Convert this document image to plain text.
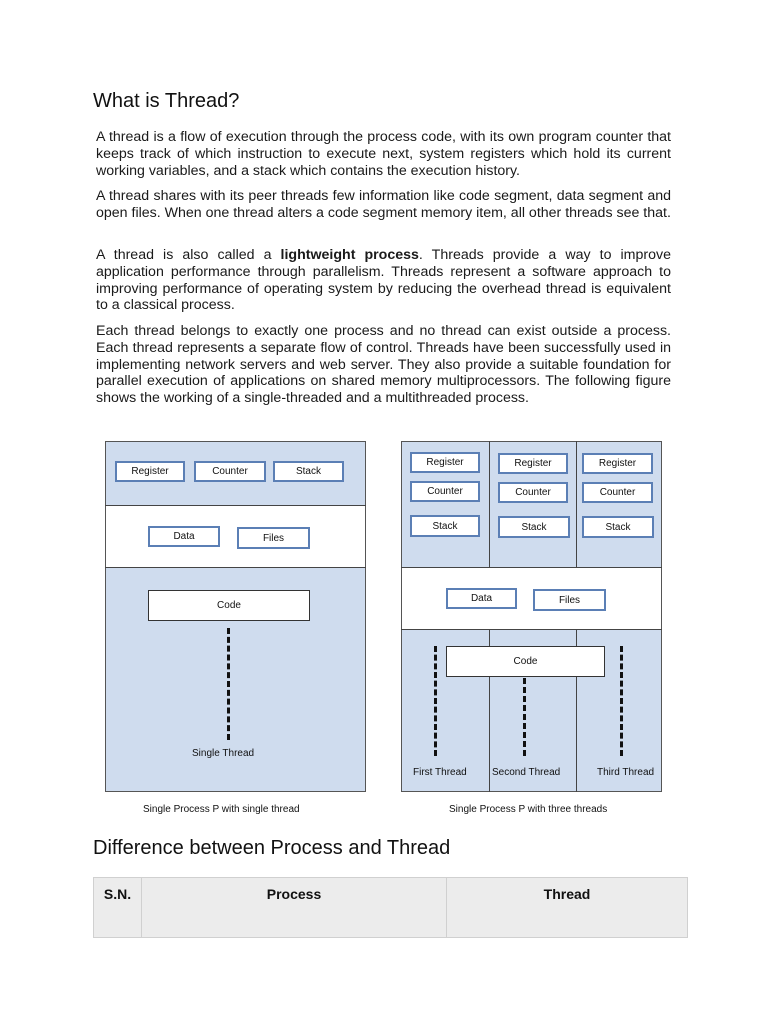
What is Thread?

A thread is a flow of execution through the process code, with its own program counter that keeps track of which instruction to execute next, system registers which hold its current working variables, and a stack which contains the execution history.

A thread shares with its peer threads few information like code segment, data segment and open files. When one thread alters a code segment memory item, all other threads see that.

A thread is also called a lightweight process. Threads provide a way to improve application performance through parallelism. Threads represent a software approach to improving performance of operating system by reducing the overhead thread is equivalent to a classical process.

Each thread belongs to exactly one process and no thread can exist outside a process. Each thread represents a separate flow of control. Threads have been successfully used in implementing network servers and web server. They also provide a suitable foundation for parallel execution of applications on shared memory multiprocessors. The following figure shows the working of a single-threaded and a multithreaded process.

Register	Counter	Stack
Data	Files
Code
Single Thread
Single Process P with single thread
Register
Counter
Stack
Register
Counter
Stack
Register
Counter
Stack
Data	Files
Code
First Thread	Second Thread	Third Thread
Single Process P with three threads
Difference between Process and Thread
S.N.	Process	Thread
